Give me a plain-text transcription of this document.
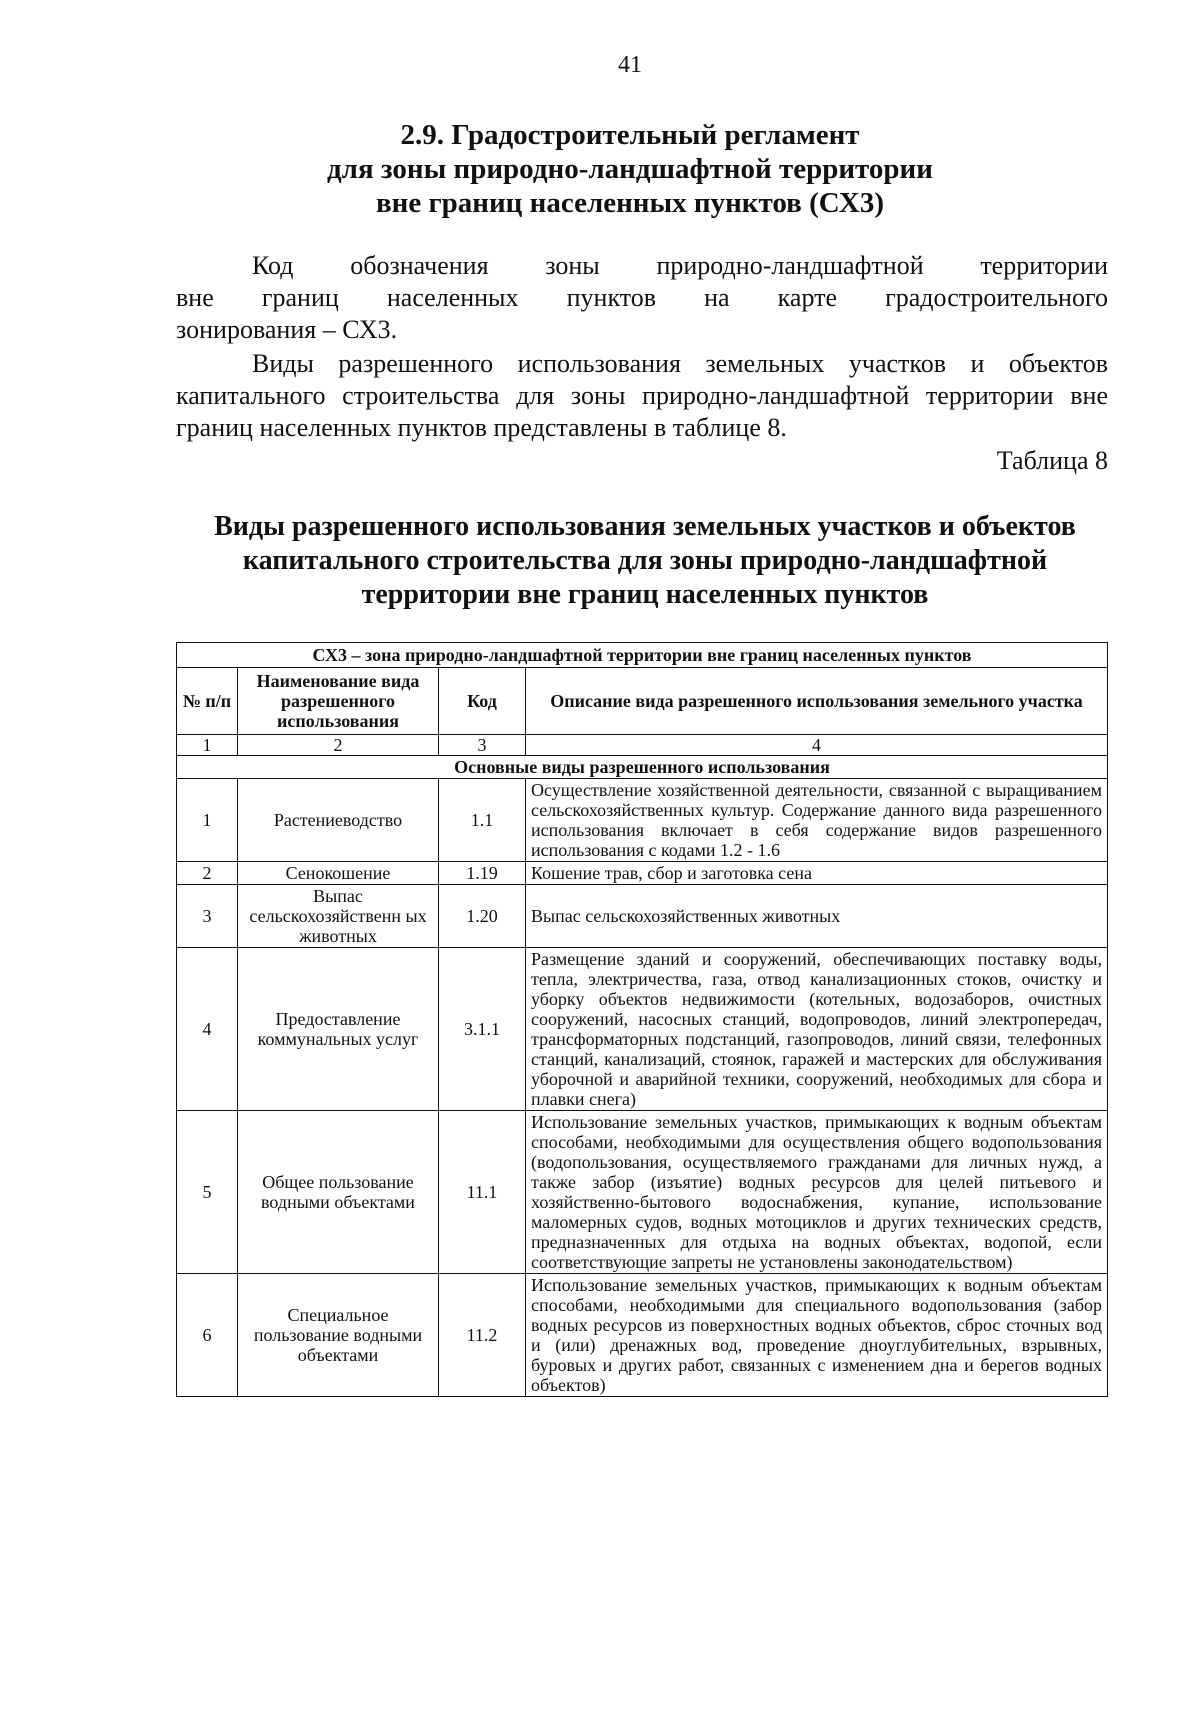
41
2.9. Градостроительный регламент
для зоны природно-ландшафтной территории
вне границ населенных пунктов (СХ3)
Код обозначения зоны природно-ландшафтной территории
вне границ населенных пунктов на карте градостроительного
зонирования – СХ3.
Виды разрешенного использования земельных участков и объектов капитального строительства для зоны природно-ландшафтной территории вне границ населенных пунктов представлены в таблице 8.
Таблица 8
Виды разрешенного использования земельных участков и объектов
капитального строительства для зоны природно-ландшафтной
территории вне границ населенных пунктов
СХ3 – зона природно-ландшафтной территории вне границ населенных пунктов			
№ п/п	Наименование вида разрешенного использования	Код	Описание вида разрешенного использования земельного участка
1	2	3	4
Основные виды разрешенного использования			
1	Растениеводство	1.1	Осуществление хозяйственной деятельности, связанной с выращиванием сельскохозяйственных культур. Содержание данного вида разрешенного использования включает в себя содержание видов разрешенного использования с кодами 1.2 - 1.6
2	Сенокошение	1.19	Кошение трав, сбор и заготовка сена
3	Выпас сельскохозяйственн ых животных	1.20	Выпас сельскохозяйственных животных
4	Предоставление коммунальных услуг	3.1.1	Размещение зданий и сооружений, обеспечивающих поставку воды, тепла, электричества, газа, отвод канализационных стоков, очистку и уборку объектов недвижимости (котельных, водозаборов, очистных сооружений, насосных станций, водопроводов, линий электропередач, трансформаторных подстанций, газопроводов, линий связи, телефонных станций, канализаций, стоянок, гаражей и мастерских для обслуживания уборочной и аварийной техники, сооружений, необходимых для сбора и плавки снега)
5	Общее пользование водными объектами	11.1	Использование земельных участков, примыкающих к водным объектам способами, необходимыми для осуществления общего водопользования (водопользования, осуществляемого гражданами для личных нужд, а также забор (изъятие) водных ресурсов для целей питьевого и хозяйственно-бытового водоснабжения, купание, использование маломерных судов, водных мотоциклов и других технических средств, предназначенных для отдыха на водных объектах, водопой, если соответствующие запреты не установлены законодательством)
6	Специальное пользование водными объектами	11.2	Использование земельных участков, примыкающих к водным объектам способами, необходимыми для специального водопользования (забор водных ресурсов из поверхностных водных объектов, сброс сточных вод и (или) дренажных вод, проведение дноуглубительных, взрывных, буровых и других работ, связанных с изменением дна и берегов водных объектов)
